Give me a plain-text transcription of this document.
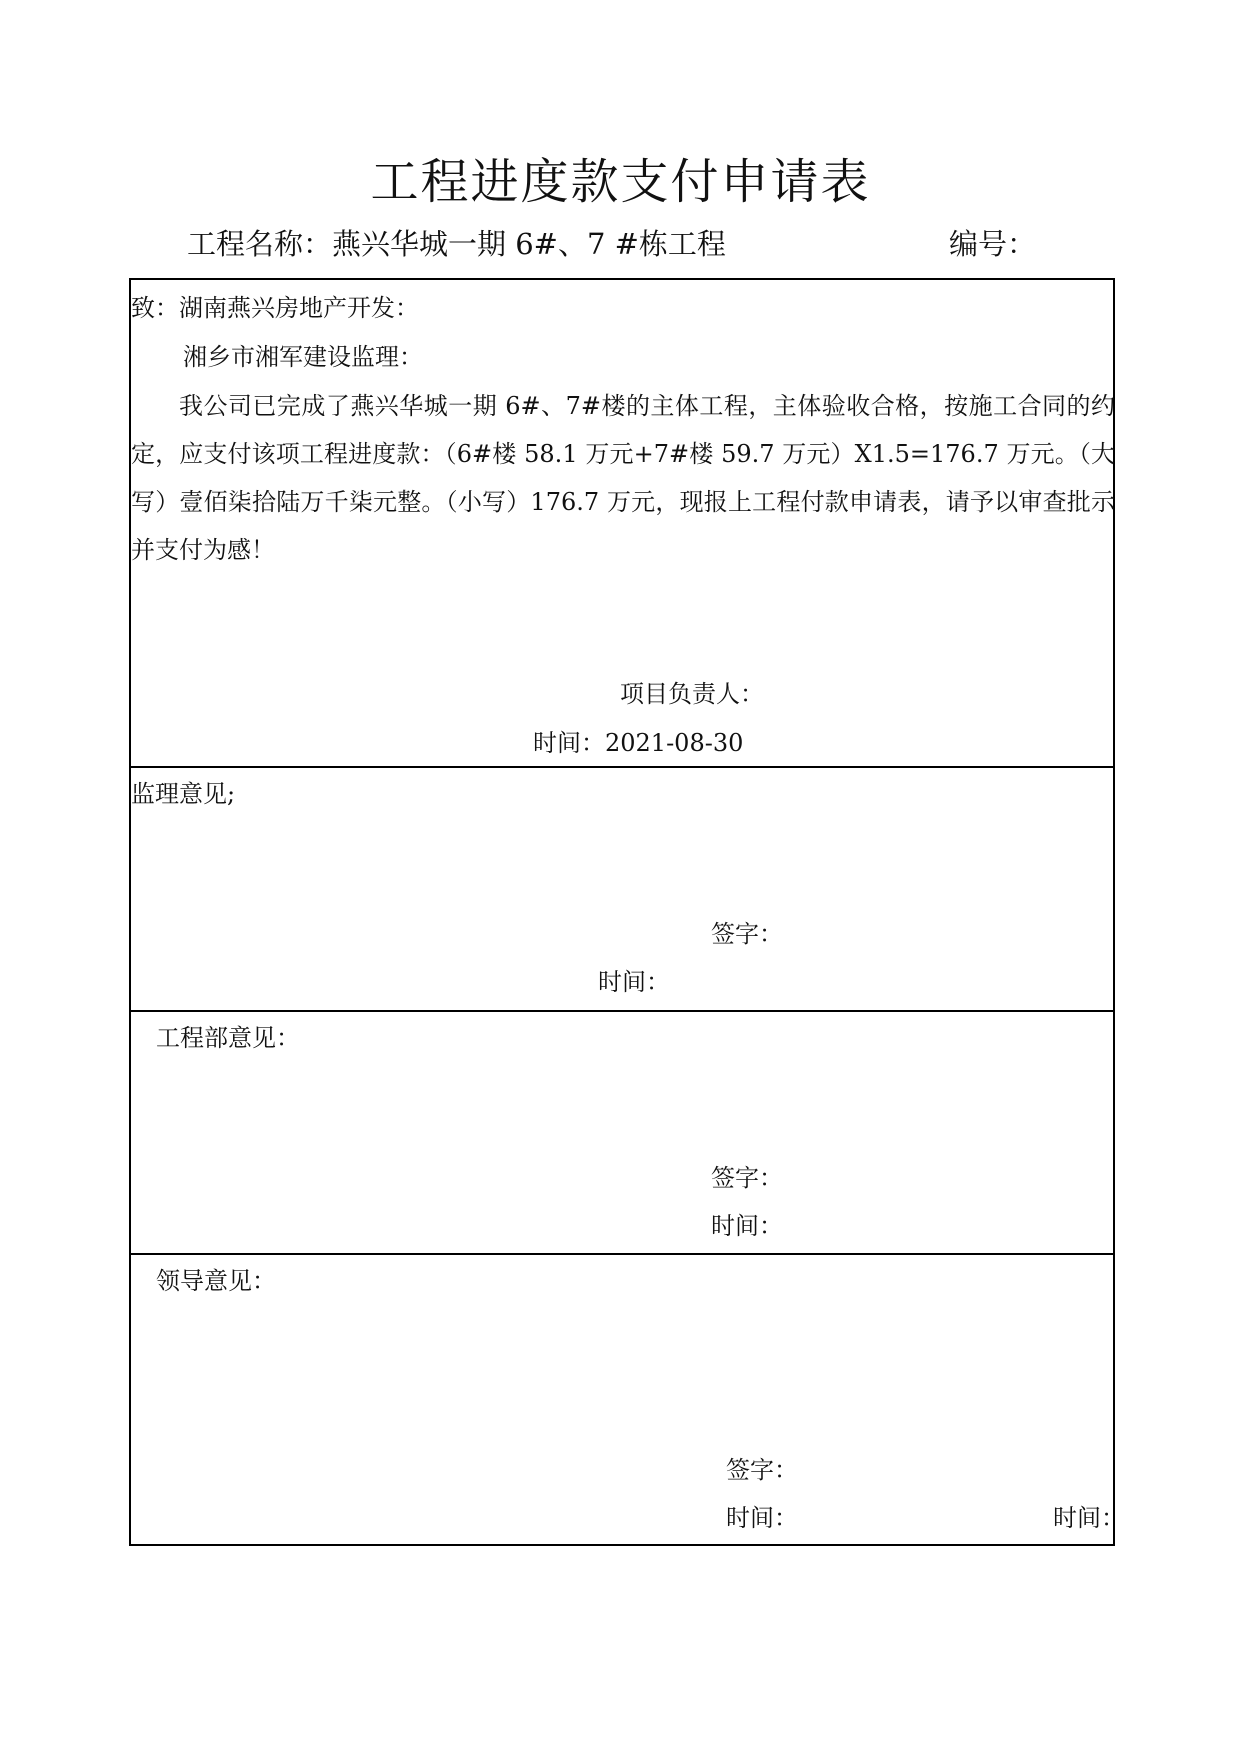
工程进度款支付申请表
工程名称：燕兴华城一期 6#、7 #栋工程	编号：
致：湖南燕兴房地产开发：
湘乡市湘军建设监理：
我公司已完成了燕兴华城一期 6#、7#楼的主体工程，主体验收合格，按施工合同的约定，应支付该项工程进度款：（6#楼 58.1 万元+7#楼 59.7 万元）X1.5=176.7 万元。（大写）壹佰柒拾陆万千柒元整。（小写）176.7 万元，现报上工程付款申请表，请予以审查批示并支付为感！
项目负责人：
时间：2021-08-30
监理意见;
签字：
时间：
工程部意见：
签字：
时间：
领导意见：
签字：
时间：	时间：
